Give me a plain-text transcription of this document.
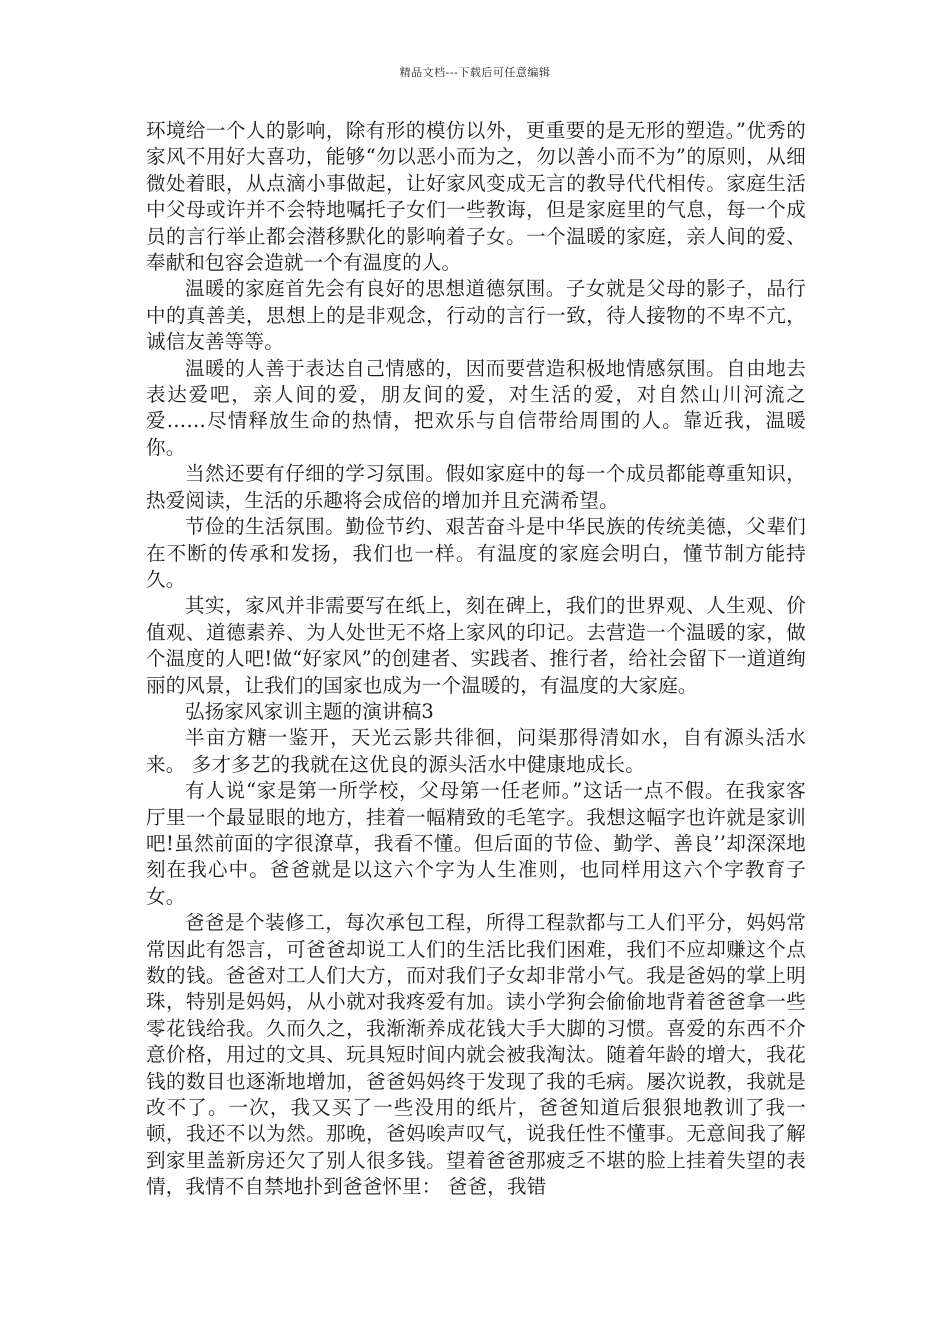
精品文档---下载后可任意编辑

环境给一个人的影响，除有形的模仿以外，更重要的是无形的塑造。”优秀的家风不用好大喜功，能够“勿以恶小而为之，勿以善小而不为”的原则，从细微处着眼，从点滴小事做起，让好家风变成无言的教导代代相传。家庭生活中父母或许并不会特地嘱托子女们一些教诲，但是家庭里的气息，每一个成员的言行举止都会潜移默化的影响着子女。一个温暖的家庭，亲人间的爱、奉献和包容会造就一个有温度的人。

温暖的家庭首先会有良好的思想道德氛围。子女就是父母的影子，品行中的真善美，思想上的是非观念，行动的言行一致，待人接物的不卑不亢，诚信友善等等。

温暖的人善于表达自己情感的，因而要营造积极地情感氛围。自由地去表达爱吧，亲人间的爱，朋友间的爱，对生活的爱，对自然山川河流之爱……尽情释放生命的热情，把欢乐与自信带给周围的人。靠近我，温暖你。

当然还要有仔细的学习氛围。假如家庭中的每一个成员都能尊重知识，热爱阅读，生活的乐趣将会成倍的增加并且充满希望。

节俭的生活氛围。勤俭节约、艰苦奋斗是中华民族的传统美德，父辈们在不断的传承和发扬，我们也一样。有温度的家庭会明白，懂节制方能持久。

其实，家风并非需要写在纸上，刻在碑上，我们的世界观、人生观、价值观、道德素养、为人处世无不烙上家风的印记。去营造一个温暖的家，做个温度的人吧!做“好家风”的创建者、实践者、推行者，给社会留下一道道绚丽的风景，让我们的国家也成为一个温暖的，有温度的大家庭。

弘扬家风家训主题的演讲稿3

半亩方糖一鉴开，天光云影共徘徊，问渠那得清如水，自有源头活水来。 多才多艺的我就在这优良的源头活水中健康地成长。

有人说“家是第一所学校，父母第一任老师。”这话一点不假。在我家客厅里一个最显眼的地方，挂着一幅精致的毛笔字。我想这幅字也许就是家训吧!虽然前面的字很潦草，我看不懂。但后面的节俭、勤学、善良’’却深深地刻在我心中。爸爸就是以这六个字为人生准则，也同样用这六个字教育子女。

爸爸是个装修工，每次承包工程，所得工程款都与工人们平分，妈妈常常因此有怨言，可爸爸却说工人们的生活比我们困难，我们不应却赚这个点数的钱。爸爸对工人们大方，而对我们子女却非常小气。我是爸妈的掌上明珠，特别是妈妈，从小就对我疼爱有加。读小学狗会偷偷地背着爸爸拿一些零花钱给我。久而久之，我渐渐养成花钱大手大脚的习惯。喜爱的东西不介意价格，用过的文具、玩具短时间内就会被我淘汰。随着年龄的增大，我花钱的数目也逐渐地增加，爸爸妈妈终于发现了我的毛病。屡次说教，我就是改不了。一次，我又买了一些没用的纸片，爸爸知道后狠狠地教训了我一顿，我还不以为然。那晚，爸妈唉声叹气，说我任性不懂事。无意间我了解到家里盖新房还欠了别人很多钱。望着爸爸那疲乏不堪的脸上挂着失望的表情，我情不自禁地扑到爸爸怀里： 爸爸，我错
